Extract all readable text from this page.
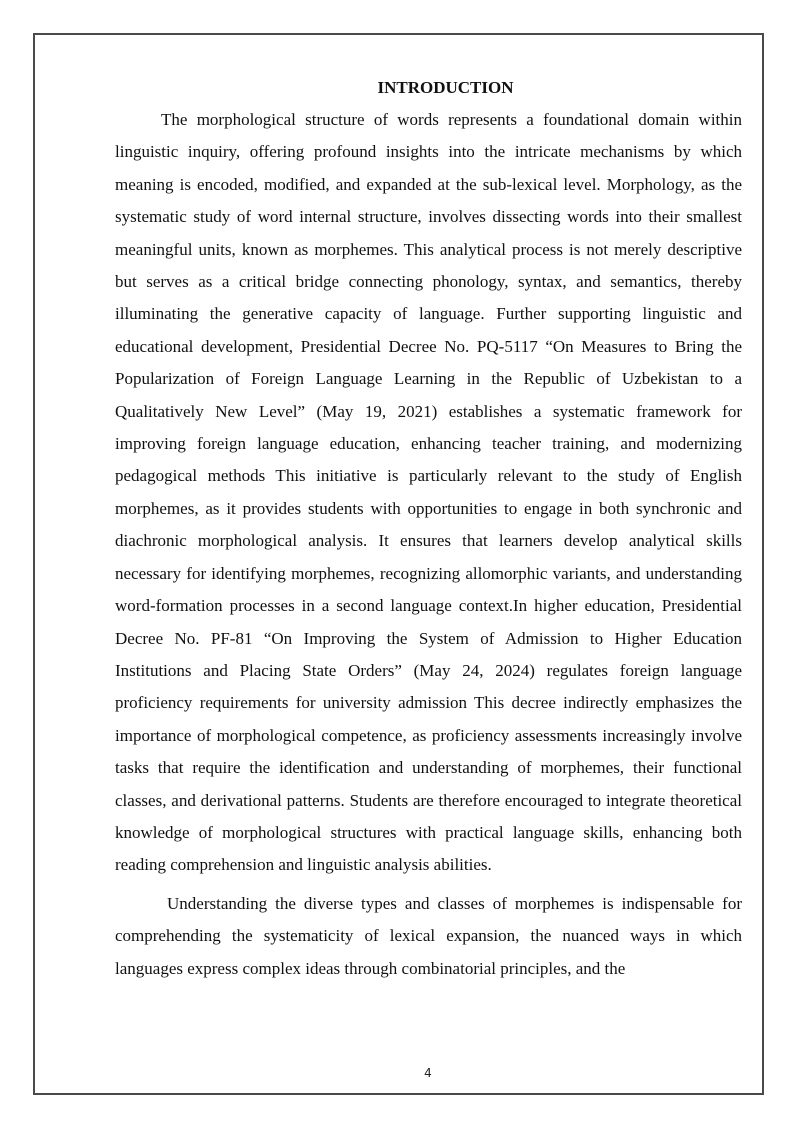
INTRODUCTION

The morphological structure of words represents a foundational domain within linguistic inquiry, offering profound insights into the intricate mechanisms by which meaning is encoded, modified, and expanded at the sub-lexical level. Morphology, as the systematic study of word internal structure, involves dissecting words into their smallest meaningful units, known as morphemes. This analytical process is not merely descriptive but serves as a critical bridge connecting phonology, syntax, and semantics, thereby illuminating the generative capacity of language. Further supporting linguistic and educational development, Presidential Decree No. PQ-5117 “On Measures to Bring the Popularization of Foreign Language Learning in the Republic of Uzbekistan to a Qualitatively New Level” (May 19, 2021) establishes a systematic framework for improving foreign language education, enhancing teacher training, and modernizing pedagogical methods This initiative is particularly relevant to the study of English morphemes, as it provides students with opportunities to engage in both synchronic and diachronic morphological analysis. It ensures that learners develop analytical skills necessary for identifying morphemes, recognizing allomorphic variants, and understanding word-formation processes in a second language context.In higher education, Presidential Decree No. PF-81 “On Improving the System of Admission to Higher Education Institutions and Placing State Orders” (May 24, 2024) regulates foreign language proficiency requirements for university admission This decree indirectly emphasizes the importance of morphological competence, as proficiency assessments increasingly involve tasks that require the identification and understanding of morphemes, their functional classes, and derivational patterns. Students are therefore encouraged to integrate theoretical knowledge of morphological structures with practical language skills, enhancing both reading comprehension and linguistic analysis abilities.

Understanding the diverse types and classes of morphemes is indispensable for comprehending the systematicity of lexical expansion, the nuanced ways in which languages express complex ideas through combinatorial principles, and the

4
